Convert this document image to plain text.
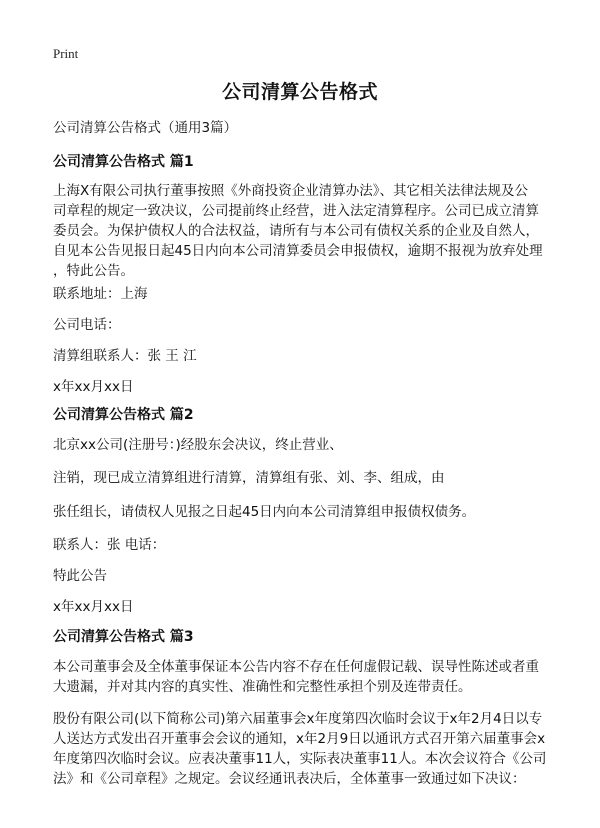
Print
公司清算公告格式
公司清算公告格式（通用3篇）
公司清算公告格式 篇1
上海X有限公司执行董事按照《外商投资企业清算办法》、其它相关法律法规及公
司章程的规定一致决议，公司提前终止经营，进入法定清算程序。公司已成立清算
委员会。为保护债权人的合法权益，请所有与本公司有债权关系的企业及自然人，
自见本公告见报日起45日内向本公司清算委员会申报债权，逾期不报视为放弃处理
，特此公告。
联系地址：上海
公司电话：
清算组联系人：张 王 江
x年xx月xx日
公司清算公告格式 篇2
北京xx公司(注册号：)经股东会决议，终止营业、
注销，现已成立清算组进行清算，清算组有张、刘、李、组成，由
张任组长，请债权人见报之日起45日内向本公司清算组申报债权债务。
联系人：张 电话：
特此公告
x年xx月xx日
公司清算公告格式 篇3
本公司董事会及全体董事保证本公告内容不存在任何虚假记载、误导性陈述或者重
大遗漏，并对其内容的真实性、准确性和完整性承担个别及连带责任。
股份有限公司(以下简称公司)第六届董事会x年度第四次临时会议于x年2月4日以专
人送达方式发出召开董事会会议的通知，x年2月9日以通讯方式召开第六届董事会x
年度第四次临时会议。应表决董事11人，实际表决董事11人。本次会议符合《公司
法》和《公司章程》之规定。会议经通讯表决后，全体董事一致通过如下决议：
